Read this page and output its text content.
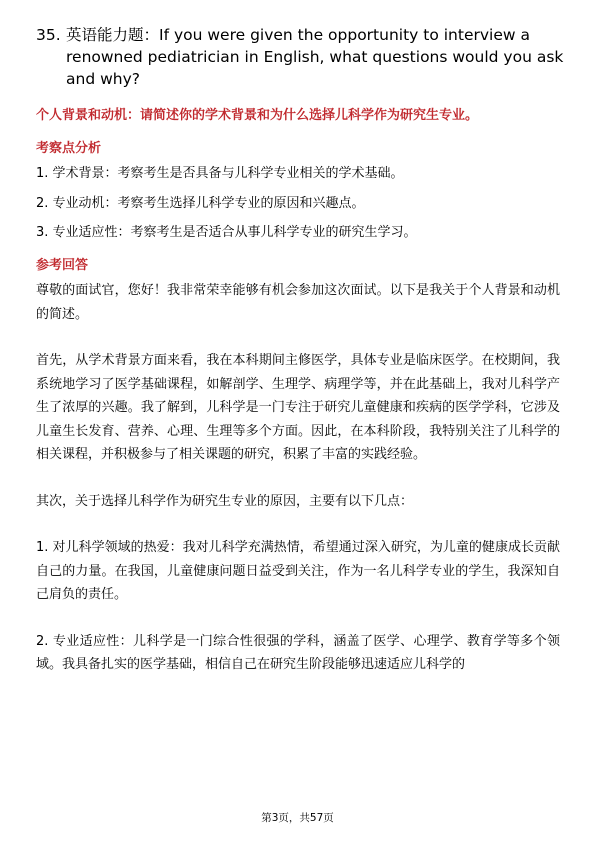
35. 英语能力题：If you were given the opportunity to interview a renowned pediatrician in English, what questions would you ask and why?

个人背景和动机：请简述你的学术背景和为什么选择儿科学作为研究生专业。

考察点分析

1. 学术背景：考察考生是否具备与儿科学专业相关的学术基础。
2. 专业动机：考察考生选择儿科学专业的原因和兴趣点。
3. 专业适应性：考察考生是否适合从事儿科学专业的研究生学习。

参考回答

尊敬的面试官，您好！我非常荣幸能够有机会参加这次面试。以下是我关于个人背景和动机的简述。

首先，从学术背景方面来看，我在本科期间主修医学，具体专业是临床医学。在校期间，我系统地学习了医学基础课程，如解剖学、生理学、病理学等，并在此基础上，我对儿科学产生了浓厚的兴趣。我了解到，儿科学是一门专注于研究儿童健康和疾病的医学学科，它涉及儿童生长发育、营养、心理、生理等多个方面。因此，在本科阶段，我特别关注了儿科学的相关课程，并积极参与了相关课题的研究，积累了丰富的实践经验。

其次，关于选择儿科学作为研究生专业的原因，主要有以下几点：

1. 对儿科学领域的热爱：我对儿科学充满热情，希望通过深入研究，为儿童的健康成长贡献自己的力量。在我国，儿童健康问题日益受到关注，作为一名儿科学专业的学生，我深知自己肩负的责任。

2. 专业适应性：儿科学是一门综合性很强的学科，涵盖了医学、心理学、教育学等多个领域。我具备扎实的医学基础，相信自己在研究生阶段能够迅速适应儿科学的

第3页，共57页
